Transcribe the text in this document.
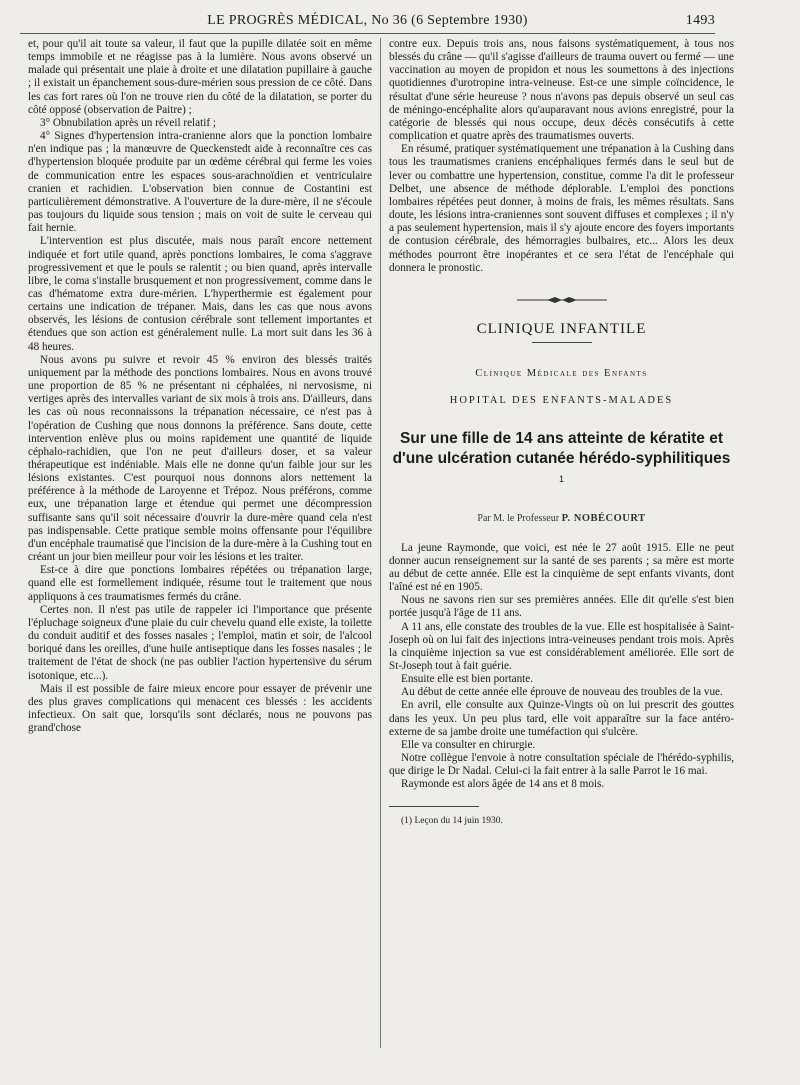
LE PROGRÈS MÉDICAL, No 36 (6 Septembre 1930)	1493

et, pour qu'il ait toute sa valeur, il faut que la pupille dilatée soit en même temps immobile et ne réagisse pas à la lumière. Nous avons observé un malade qui présentait une plaie à droite et une dilatation pupillaire à gauche ; il existait un épanchement sous-dure-mérien sous pression de ce côté. Dans les cas fort rares où l'on ne trouve rien du côté de la dilatation, se porter du côté opposé (observation de Paitre) ;

3° Obnubilation après un réveil relatif ;

4° Signes d'hypertension intra-cranienne alors que la ponction lombaire n'en indique pas ; la manœuvre de Queckenstedt aide à reconnaître ces cas d'hypertension bloquée produite par un œdème cérébral qui ferme les voies de communication entre les espaces sous-arachnoïdien et ventriculaire cranien et rachidien. L'observation bien connue de Costantini est particulièrement démonstrative. A l'ouverture de la dure-mère, il ne s'écoule pas toujours du liquide sous tension ; mais on voit de suite le cerveau qui fait hernie.

L'intervention est plus discutée, mais nous paraît encore nettement indiquée et fort utile quand, après ponctions lombaires, le coma s'aggrave progressivement et que le pouls se ralentit ; ou bien quand, après intervalle libre, le coma s'installe brusquement et non progressivement, comme dans le cas d'hématome extra dure-mérien. L'hyperthermie est également pour certains une indication de trépaner. Mais, dans les cas que nous avons observés, les lésions de contusion cérébrale sont tellement importantes et étendues que son action est généralement nulle. La mort suit dans les 36 à 48 heures.

Nous avons pu suivre et revoir 45 % environ des blessés traités uniquement par la méthode des ponctions lombaires. Nous en avons trouvé une proportion de 85 % ne présentant ni céphalées, ni nervosisme, ni vertiges après des intervalles variant de six mois à trois ans. D'ailleurs, dans les cas où nous reconnaissons la trépanation nécessaire, ce n'est pas à l'opération de Cushing que nous donnons la préférence. Sans doute, cette intervention enlève plus ou moins rapidement une quantité de liquide céphalo-rachidien, que l'on ne peut d'ailleurs doser, et sa valeur thérapeutique est indéniable. Mais elle ne donne qu'un faible jour sur les lésions existantes. C'est pourquoi nous donnons alors nettement la préférence à la méthode de Laroyenne et Trépoz. Nous préférons, comme eux, une trépanation large et étendue qui permet une décompression suffisante sans qu'il soit nécessaire d'ouvrir la dure-mère quand cela n'est pas indispensable. Cette pratique semble moins offensante pour l'équilibre d'un encéphale traumatisé que l'incision de la dure-mère à la Cushing tout en créant un jour bien meilleur pour voir les lésions et les traiter.

Est-ce à dire que ponctions lombaires répétées ou trépanation large, quand elle est formellement indiquée, résume tout le traitement que nous appliquons à ces traumatismes fermés du crâne.

Certes non. Il n'est pas utile de rappeler ici l'importance que présente l'épluchage soigneux d'une plaie du cuir chevelu quand elle existe, la toilette du conduit auditif et des fosses nasales ; l'emploi, matin et soir, de l'alcool boriqué dans les oreilles, d'une huile antiseptique dans les fosses nasales ; le traitement de l'état de shock (ne pas oublier l'action hypertensive du sérum isotonique, etc...).

Mais il est possible de faire mieux encore pour essayer de prévenir une des plus graves complications qui menacent ces blessés : les accidents infectieux. On sait que, lorsqu'ils sont déclarés, nous ne pouvons pas grand'chose

contre eux. Depuis trois ans, nous faisons systématiquement, à tous nos blessés du crâne — qu'il s'agisse d'ailleurs de trauma ouvert ou fermé — une vaccination au moyen de propidon et nous les soumettons à des injections quotidiennes d'urotropine intra-veineuse. Est-ce une simple coïncidence, le résultat d'une série heureuse ? nous n'avons pas depuis observé un seul cas de méningo-encéphalite alors qu'auparavant nous avions enregistré, pour la catégorie de blessés qui nous occupe, deux décès consécutifs à cette complication et quatre après des traumatismes ouverts.

En résumé, pratiquer systématiquement une trépanation à la Cushing dans tous les traumatismes craniens encéphaliques fermés dans le seul but de lever ou combattre une hypertension, constitue, comme l'a dit le professeur Delbet, une absence de méthode déplorable. L'emploi des ponctions lombaires répétées peut donner, à moins de frais, les mêmes résultats. Sans doute, les lésions intra-craniennes sont souvent diffuses et complexes ; il n'y a pas seulement hypertension, mais il s'y ajoute encore des foyers importants de contusion cérébrale, des hémorragies bulbaires, etc... Alors les deux méthodes pourront être inopérantes et ce sera l'état de l'encéphale qui donnera le pronostic.

CLINIQUE INFANTILE
Clinique Médicale des Enfants
HOPITAL DES ENFANTS-MALADES
Sur une fille de 14 ans atteinte de kératite et d'une ulcération cutanée hérédo-syphilitiques $^1$
Par M. le Professeur P. NOBÉCOURT

La jeune Raymonde, que voici, est née le 27 août 1915. Elle ne peut donner aucun renseignement sur la santé de ses parents ; sa mère est morte au début de cette année. Elle est la cinquième de sept enfants vivants, dont l'aîné est né en 1905.

Nous ne savons rien sur ses premières années. Elle dit qu'elle s'est bien portée jusqu'à l'âge de 11 ans.

A 11 ans, elle constate des troubles de la vue. Elle est hospitalisée à Saint-Joseph où on lui fait des injections intra-veineuses pendant trois mois. Après la cinquième injection sa vue est considérablement améliorée. Elle sort de St-Joseph tout à fait guérie.

Ensuite elle est bien portante.

Au début de cette année elle éprouve de nouveau des troubles de la vue.

En avril, elle consulte aux Quinze-Vingts où on lui prescrit des gouttes dans les yeux. Un peu plus tard, elle voit apparaître sur la face antéro-externe de sa jambe droite une tuméfaction qui s'ulcère.

Elle va consulter en chirurgie.

Notre collègue l'envoie à notre consultation spéciale de l'hérédo-syphilis, que dirige le Dr Nadal. Celui-ci la fait entrer à la salle Parrot le 16 mai.

Raymonde est alors âgée de 14 ans et 8 mois.

(1) Leçon du 14 juin 1930.
